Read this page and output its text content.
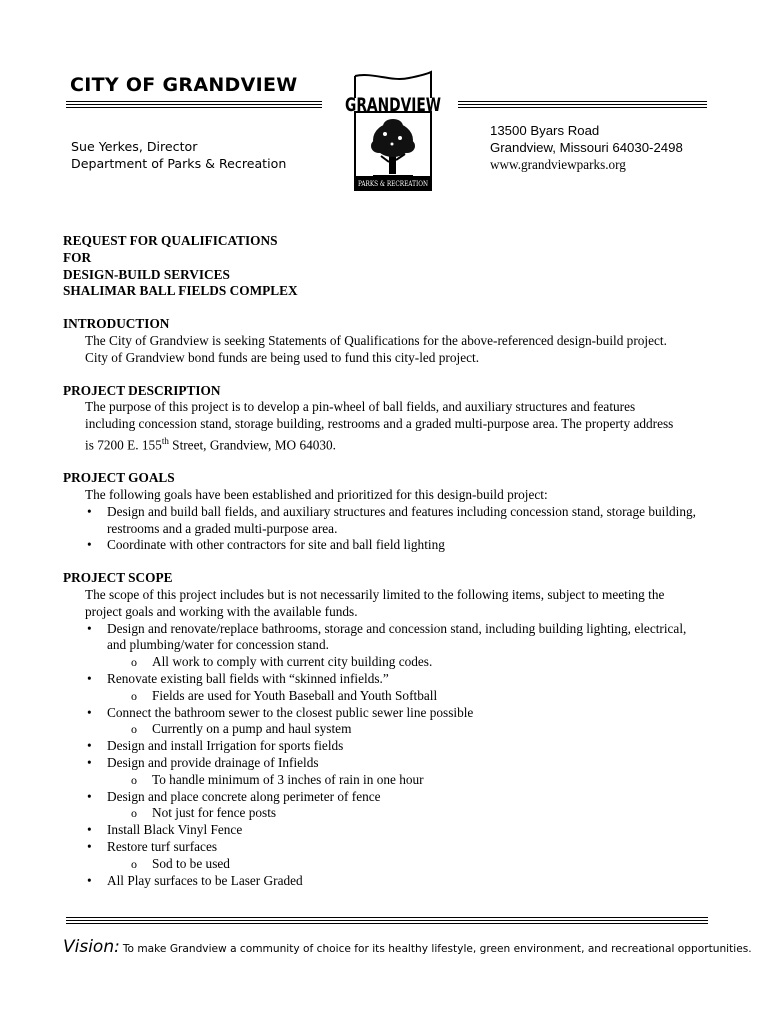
CITY OF GRANDVIEW
Sue Yerkes, Director
Department of Parks & Recreation
13500 Byars Road
Grandview, Missouri 64030-2498
www.grandviewparks.org
GRANDVIEW
PARKS & RECREATION
REQUEST FOR QUALIFICATIONS
FOR
DESIGN-BUILD SERVICES
SHALIMAR BALL FIELDS COMPLEX
INTRODUCTION
The City of Grandview is seeking Statements of Qualifications for the above-referenced design-build project.
City of Grandview bond funds are being used to fund this city-led project.
PROJECT DESCRIPTION
The purpose of this project is to develop a pin-wheel of ball fields, and auxiliary structures and features
including concession stand, storage building, restrooms and a graded multi-purpose area. The property address
is 7200 E. 155th Street, Grandview, MO 64030.
PROJECT GOALS
The following goals have been established and prioritized for this design-build project:
• Design and build ball fields, and auxiliary structures and features including concession stand, storage building, restrooms and a graded multi-purpose area.
• Coordinate with other contractors for site and ball field lighting
PROJECT SCOPE
The scope of this project includes but is not necessarily limited to the following items, subject to meeting the
project goals and working with the available funds.
• Design and renovate/replace bathrooms, storage and concession stand, including building lighting, electrical, and plumbing/water for concession stand.
o All work to comply with current city building codes.
• Renovate existing ball fields with “skinned infields.”
o Fields are used for Youth Baseball and Youth Softball
• Connect the bathroom sewer to the closest public sewer line possible
o Currently on a pump and haul system
• Design and install Irrigation for sports fields
• Design and provide drainage of Infields
o To handle minimum of 3 inches of rain in one hour
• Design and place concrete along perimeter of fence
o Not just for fence posts
• Install Black Vinyl Fence
• Restore turf surfaces
o Sod to be used
• All Play surfaces to be Laser Graded
Vision: To make Grandview a community of choice for its healthy lifestyle, green environment, and recreational opportunities.
